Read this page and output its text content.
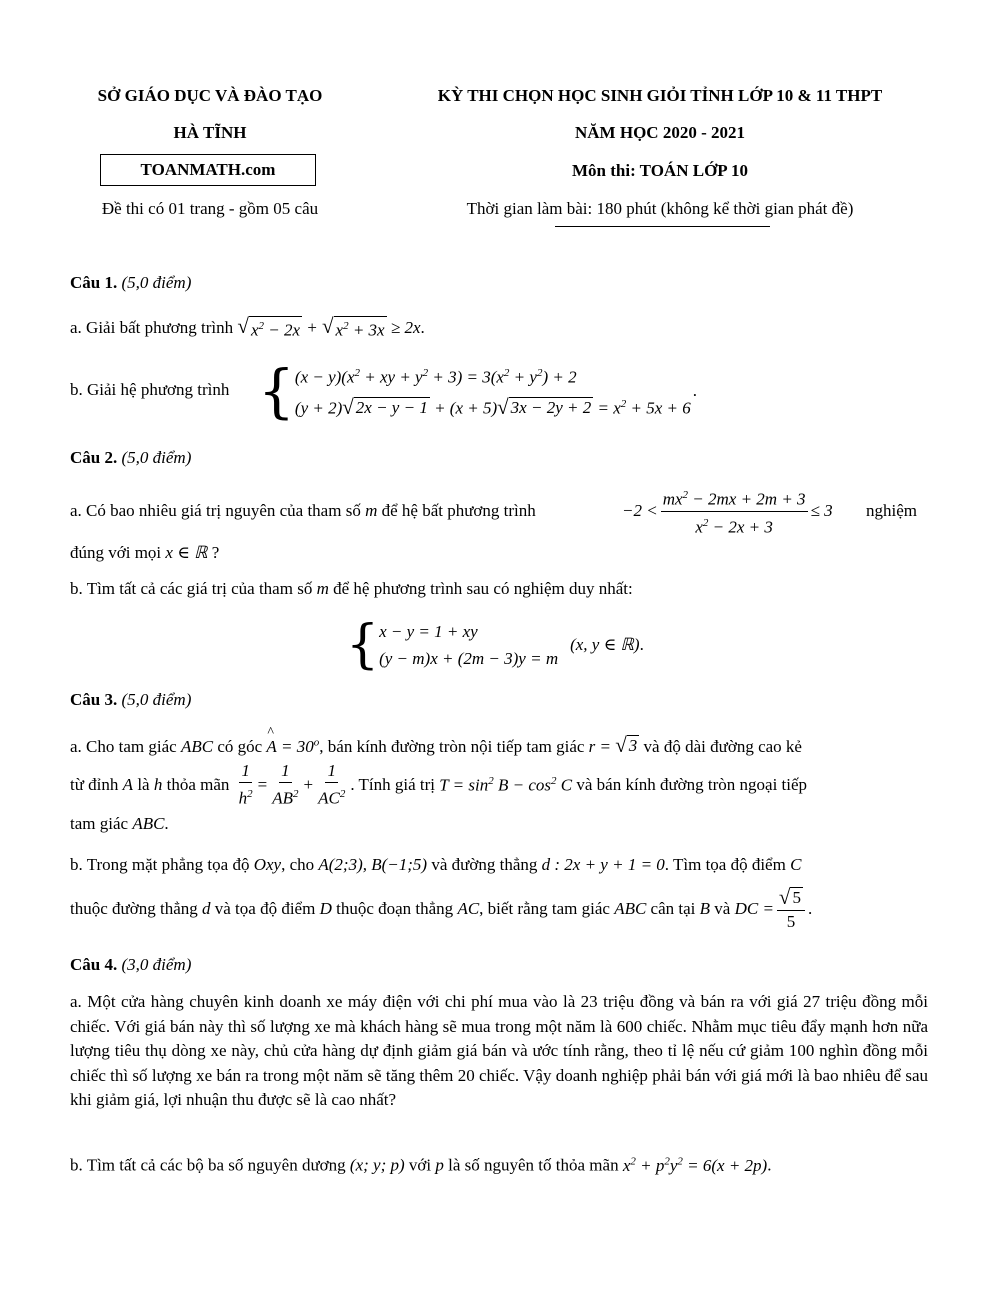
SỞ GIÁO DỤC VÀ ĐÀO TẠO
HÀ TĨNH
TOANMATH.com
Đề thi có 01 trang - gồm 05 câu
KỲ THI CHỌN HỌC SINH GIỎI TỈNH LỚP 10 & 11 THPT
NĂM HỌC 2020 - 2021
Môn thi: TOÁN LỚP 10
Thời gian làm bài: 180 phút (không kể thời gian phát đề)
Câu 1. (5,0 điểm)
a. Giải bất phương trình √ $x^2 - 2x$ + √ $x^2 + 3x \ge 2x$.
b. Giải hệ phương trình { $(x - y)(x^2$ + xy + $y^2 + 3) = 3(x^2 + y^2) + 2$
(y + 2) √ 2x − y − 1 + (x + 5) √ $3x - 2y + 2 = x^2 + 5x + 6$
.
Câu 2. (5,0 điểm)
a. Có bao nhiêu giá trị nguyên của tham số m để hệ bất phương trình	$-2 < \frac{mx^2 - 2mx + 2m + 3}{x^2 - 2x + 3} \le 3$ nghiệm
đúng với mọi x ∈ ℝ ?
b. Tìm tất cả các giá trị của tham số m để hệ phương trình sau có nghiệm duy nhất:
{ x − y = 1 + xy
(y − m)x + (2m − 3)y = m
(x, y ∈ ℝ) .
Câu 3. (5,0 điểm)
a. Cho tam giác ABC có góc ^ $A = 30^o$, bán kính đường tròn nội tiếp tam giác r = √ 3 và độ dài đường cao kẻ
từ đỉnh
A
là
h
thỏa mãn
$\frac{1}{h^2} = \frac{1}{AB^2} + \frac{1}{AC^2}$ . Tính giá trị
$T = \sin^2 B - \cos^2 C$
và bán kính đường tròn ngoại tiếp
tam giác ABC.
b. Trong mặt phẳng tọa độ Oxy, cho A(2;3), B(−1;5) và đường thẳng d : 2x + y + 1 = 0. Tìm tọa độ điểm C
thuộc đường thẳng
d
và tọa độ điểm
D
thuộc đoạn thẳng
AC , biết rằng tam giác
ABC
cân tại
B
và
DC = $\frac{√ 5}{5}$ .
Câu 4. (3,0 điểm)
a. Một cửa hàng chuyên kinh doanh xe máy điện với chi phí mua vào là 23 triệu đồng và bán ra với giá 27 triệu đồng mỗi chiếc. Với giá bán này thì số lượng xe mà khách hàng sẽ mua trong một năm là 600 chiếc. Nhằm mục tiêu đẩy mạnh hơn nữa lượng tiêu thụ dòng xe này, chủ cửa hàng dự định giảm giá bán và ước tính rằng, theo tỉ lệ nếu cứ giảm 100 nghìn đồng mỗi chiếc thì số lượng xe bán ra trong một năm sẽ tăng thêm 20 chiếc. Vậy doanh nghiệp phải bán với giá mới là bao nhiêu để sau khi giảm giá, lợi nhuận thu được sẽ là cao nhất?
b. Tìm tất cả các bộ ba số nguyên dương (x; y; p) với p là số nguyên tố thỏa mãn $x^2 + p^2y^2 = 6(x + 2p)$.
